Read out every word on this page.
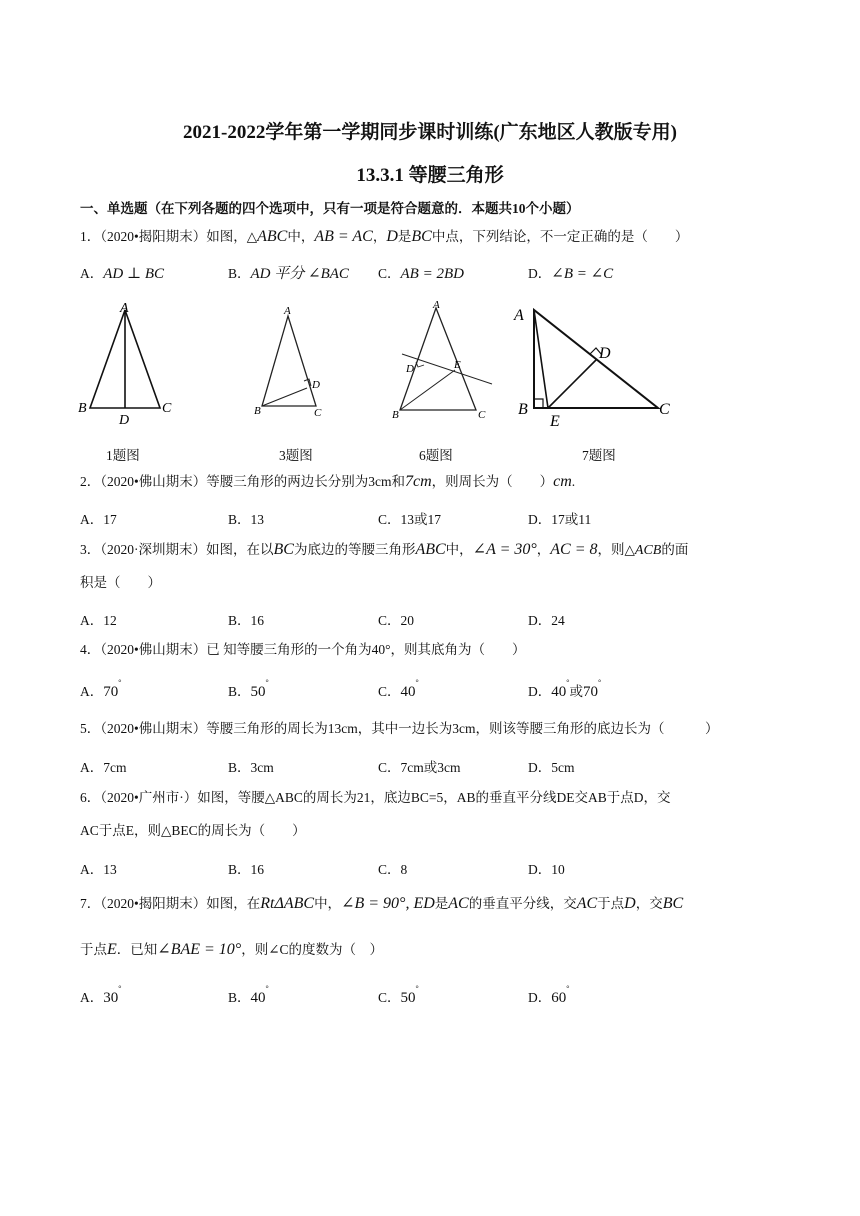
2021-2022学年第一学期同步课时训练(广东地区人教版专用)
13.3.1 等腰三角形
一、单选题（在下列各题的四个选项中，只有一项是符合题意的．本题共10个小题）
1．（2020•揭阳期末）如图，△ABC中，AB = AC，D是BC中点，下列结论，不一定正确的是（　　）
A．AD ⊥ BC	B．AD 平分 ∠BAC C．AB = 2BD	D．∠B = ∠C
A
B
D
C
A
D
B	C
A
D	E
B	C
A
D
B
E
C
1题图	3题图	6题图	7题图
2．（2020•佛山期末）等腰三角形的两边长分别为3cm和7cm，则周长为（　　）cm.
A．17	B．13	C．13或17	D．17或11
3．（2020·深圳期末）如图，在以BC为底边的等腰三角形ABC中，∠A = 30°，AC = 8，则△ACB的面
积是（　　）
A．12	B．16	C．20	D．24
4．（2020•佛山期末）已 知等腰三角形的一个角为40°，则其底角为（　　）
A．70°
B．50°
C．40°
D．40°或70°
5．（2020•佛山期末）等腰三角形的周长为13cm，其中一边长为3cm，则该等腰三角形的底边长为（　　　）
A．7cm	B．3cm	C．7cm或3cm	D．5cm
6．（2020•广州市·）如图，等腰△ABC的周长为21，底边BC=5，AB的垂直平分线DE交AB于点D，交
AC于点E，则△BEC的周长为（　　）
A．13	B．16	C．8	D．10
7．（2020•揭阳期末）如图，在RtΔABC中，∠B = 90°, ED是AC的垂直平分线，交AC于点D，交BC
于点E．已知∠BAE = 10°，则∠C的度数为（　）
A．30°
B．40°
C．50°
D．60°
